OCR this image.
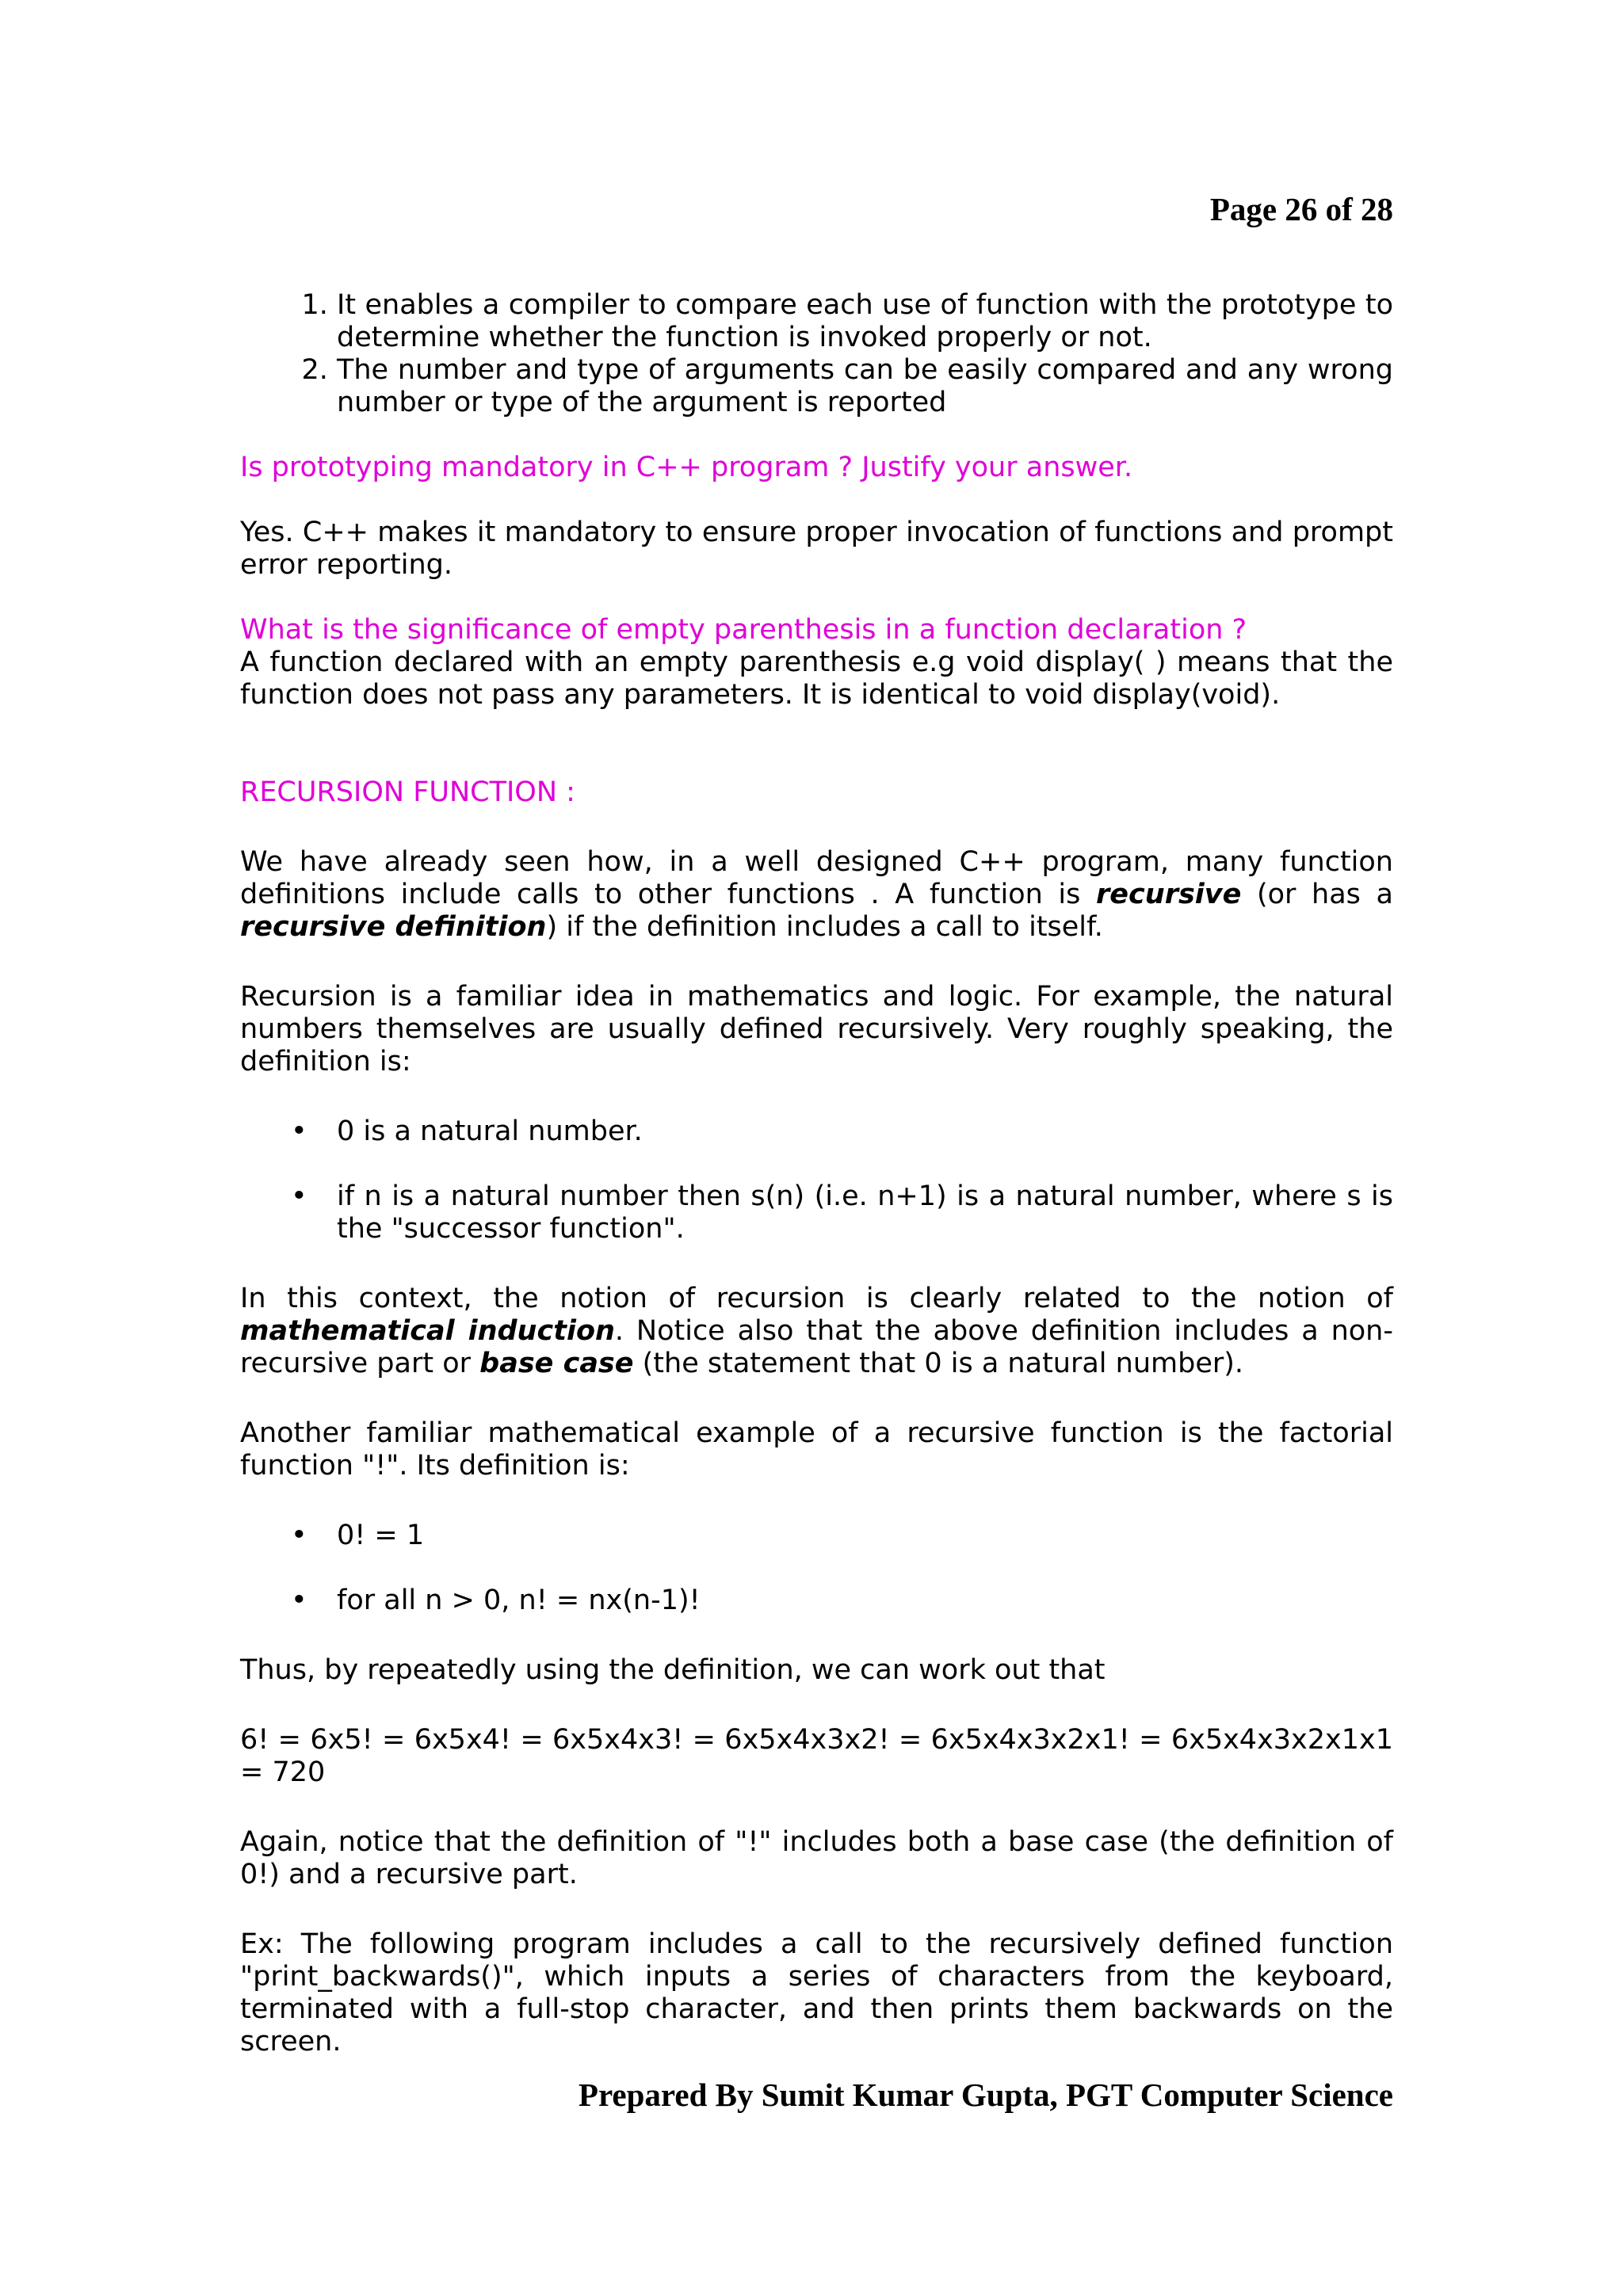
Page 26 of 28
1. It enables a compiler to compare each use of function with the prototype to determine whether the function is invoked properly or not.
2. The number and type of arguments can be easily compared and any wrong number or type of the argument is reported

Is prototyping mandatory in C++ program ? Justify your answer.

Yes. C++ makes it mandatory to ensure proper invocation of functions and prompt error reporting.

What is the significance of empty parenthesis in a function declaration ?

A function declared with an empty parenthesis e.g void display( ) means that the function does not pass any parameters. It is identical to void display(void).

RECURSION FUNCTION :

We have already seen how, in a well designed C++ program, many function definitions include calls to other functions . A function is recursive (or has a recursive definition) if the definition includes a call to itself.

Recursion is a familiar idea in mathematics and logic. For example, the natural numbers themselves are usually defined recursively. Very roughly speaking, the definition is:

• 0 is a natural number.
• if n is a natural number then s(n) (i.e. n+1) is a natural number, where s is the "successor function".

In this context, the notion of recursion is clearly related to the notion of mathematical induction. Notice also that the above definition includes a non-recursive part or base case (the statement that 0 is a natural number).

Another familiar mathematical example of a recursive function is the factorial function "!". Its definition is:

• 0! = 1
• for all n > 0, n! = nx(n-1)!

Thus, by repeatedly using the definition, we can work out that

6! = 6x5! = 6x5x4! = 6x5x4x3! = 6x5x4x3x2! = 6x5x4x3x2x1! = 6x5x4x3x2x1x1 = 720

Again, notice that the definition of "!" includes both a base case (the definition of 0!) and a recursive part.

Ex: The following program includes a call to the recursively defined function "print_backwards()", which inputs a series of characters from the keyboard, terminated with a full-stop character, and then prints them backwards on the screen.

Prepared By Sumit Kumar Gupta, PGT Computer Science
